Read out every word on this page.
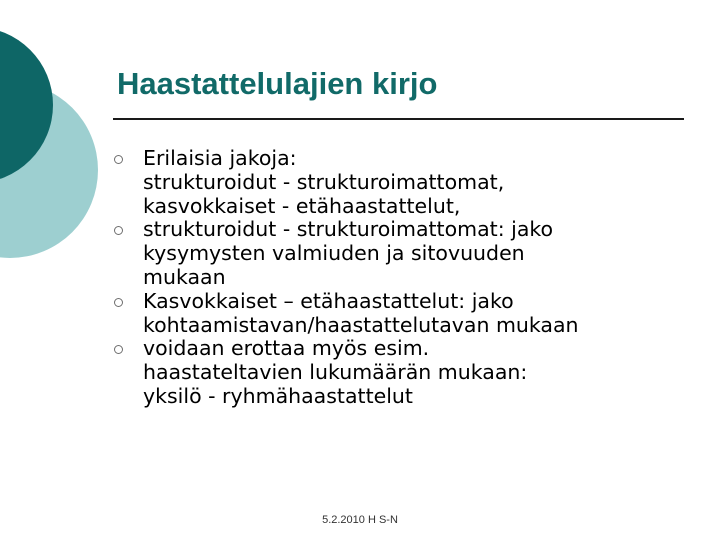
Haastattelulajien kirjo
Erilaisia jakoja:
strukturoidut - strukturoimattomat,
kasvokkaiset - etähaastattelut,
strukturoidut - strukturoimattomat: jako
kysymysten valmiuden ja sitovuuden
mukaan
Kasvokkaiset – etähaastattelut: jako
kohtaamistavan/haastattelutavan mukaan
voidaan erottaa myös esim.
haastateltavien lukumäärän mukaan:
yksilö - ryhmähaastattelut
5.2.2010 H S-N
